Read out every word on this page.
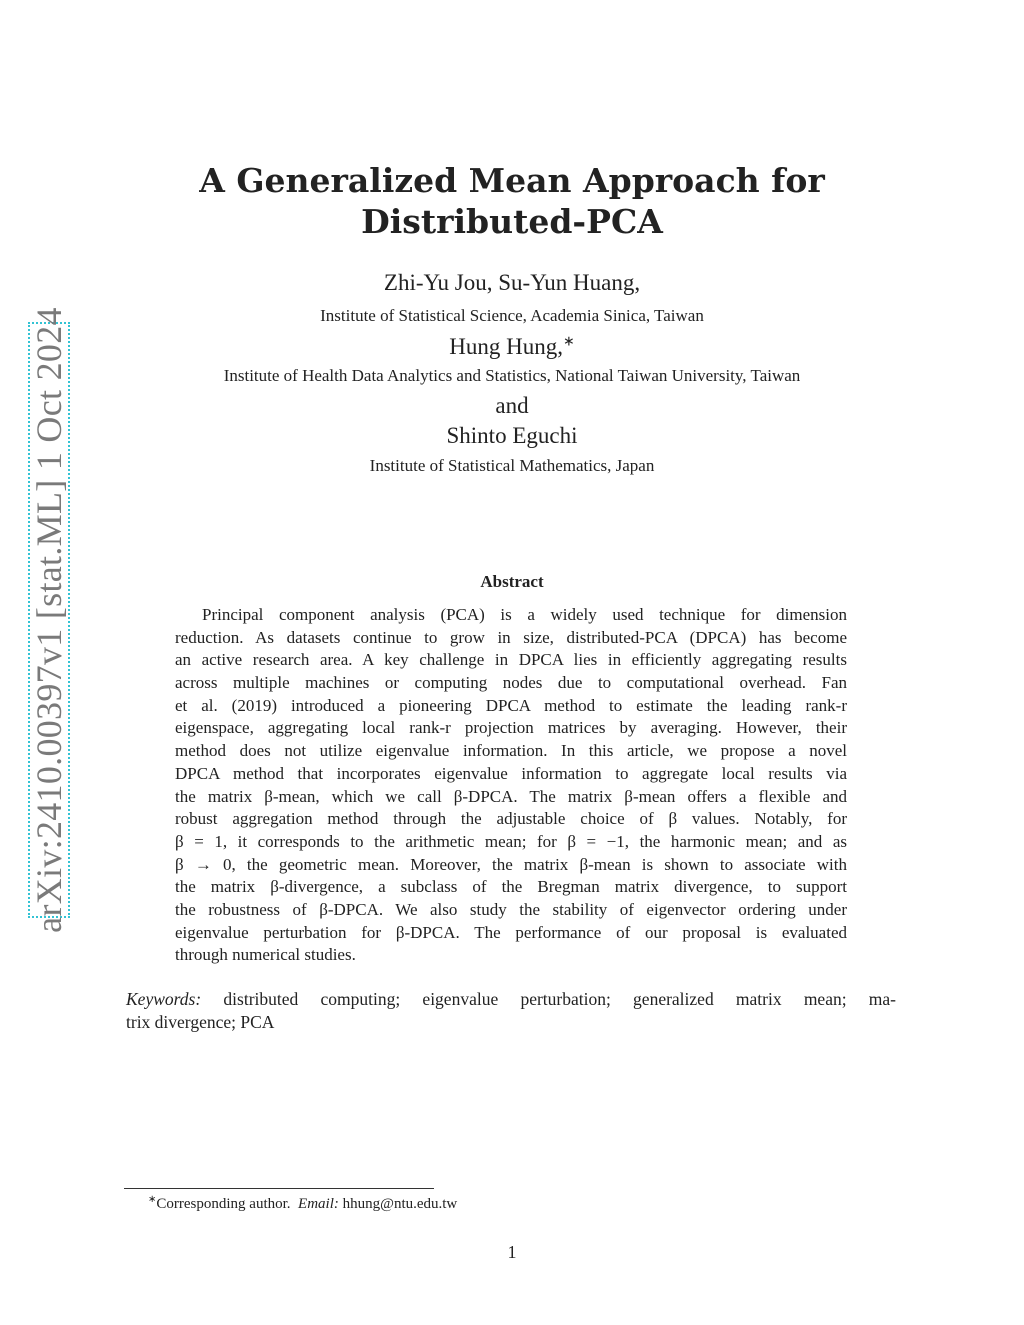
arXiv:2410.00397v1 [stat.ML] 1 Oct 2024
A Generalized Mean Approach for
Distributed-PCA
Zhi-Yu Jou, Su-Yun Huang,
Institute of Statistical Science, Academia Sinica, Taiwan
Hung Hung,∗
Institute of Health Data Analytics and Statistics, National Taiwan University, Taiwan
and
Shinto Eguchi
Institute of Statistical Mathematics, Japan
Abstract
Principal component analysis (PCA) is a widely used technique for dimension
reduction. As datasets continue to grow in size, distributed-PCA (DPCA) has become
an active research area. A key challenge in DPCA lies in efficiently aggregating results
across multiple machines or computing nodes due to computational overhead. Fan
et al. (2019) introduced a pioneering DPCA method to estimate the leading rank-r
eigenspace, aggregating local rank-r projection matrices by averaging. However, their
method does not utilize eigenvalue information. In this article, we propose a novel
DPCA method that incorporates eigenvalue information to aggregate local results via
the matrix β-mean, which we call β-DPCA. The matrix β-mean offers a flexible and
robust aggregation method through the adjustable choice of β values. Notably, for
β = 1, it corresponds to the arithmetic mean; for β = −1, the harmonic mean; and as
β → 0, the geometric mean. Moreover, the matrix β-mean is shown to associate with
the matrix β-divergence, a subclass of the Bregman matrix divergence, to support
the robustness of β-DPCA. We also study the stability of eigenvector ordering under
eigenvalue perturbation for β-DPCA. The performance of our proposal is evaluated
through numerical studies.
Keywords: distributed computing; eigenvalue perturbation; generalized matrix mean; ma-
trix divergence; PCA
∗Corresponding author. Email: hhung@ntu.edu.tw
1
